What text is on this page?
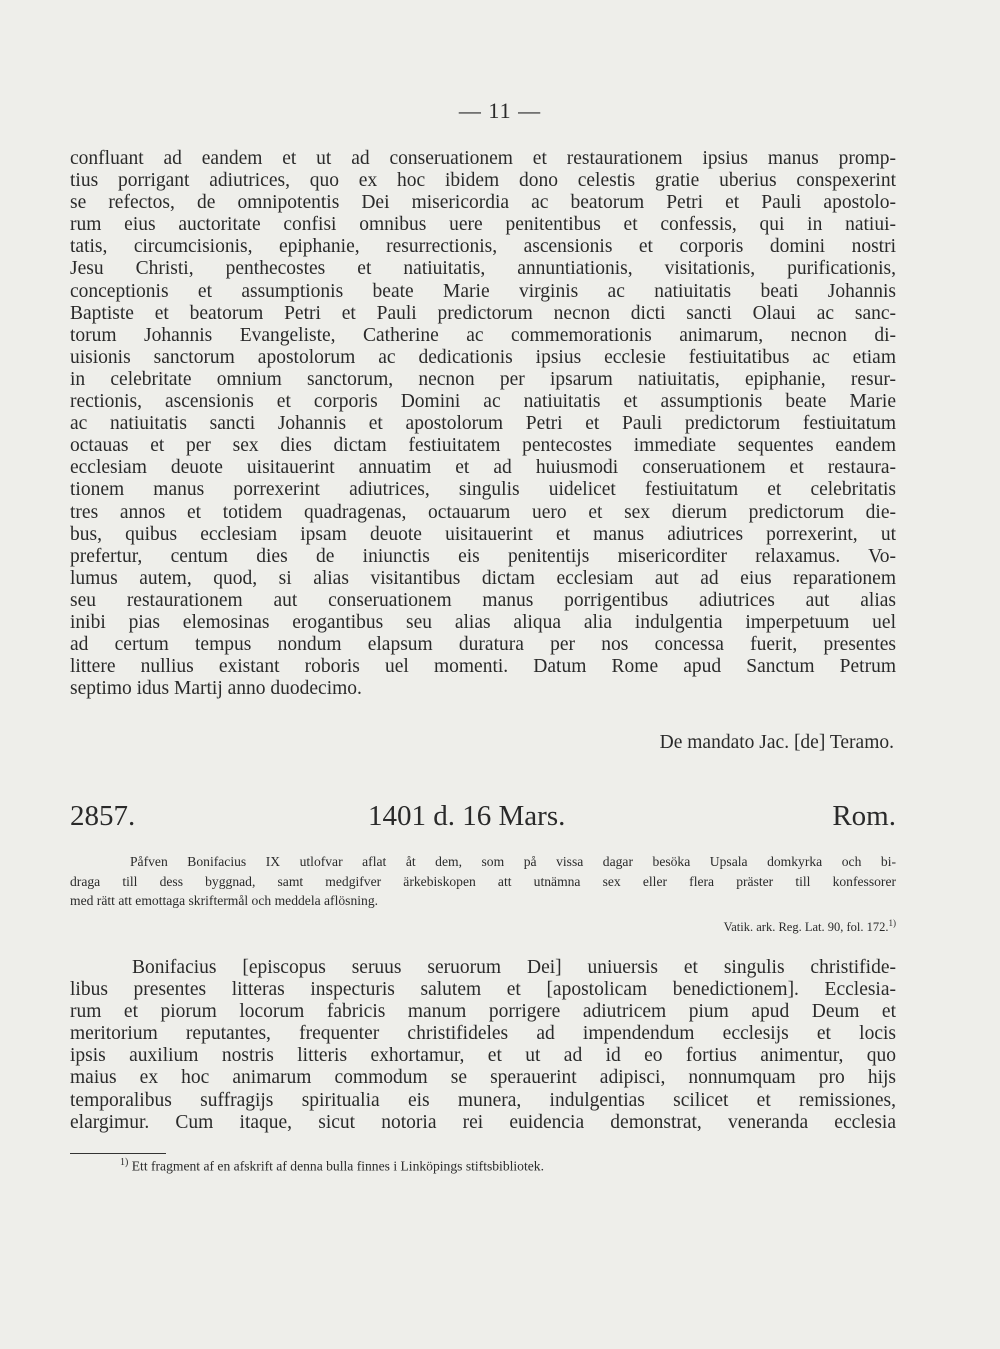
— 11 —
confluant ad eandem et ut ad conseruationem et restaurationem ipsius manus promp-
tius porrigant adiutrices, quo ex hoc ibidem dono celestis gratie uberius conspexerint
se refectos, de omnipotentis Dei misericordia ac beatorum Petri et Pauli apostolo-
rum eius auctoritate confisi omnibus uere penitentibus et confessis, qui in natiui-
tatis, circumcisionis, epiphanie, resurrectionis, ascensionis et corporis domini nostri
Jesu Christi, penthecostes et natiuitatis, annuntiationis, visitationis, purificationis,
conceptionis et assumptionis beate Marie virginis ac natiuitatis beati Johannis
Baptiste et beatorum Petri et Pauli predictorum necnon dicti sancti Olaui ac sanc-
torum Johannis Evangeliste, Catherine ac commemorationis animarum, necnon di-
uisionis sanctorum apostolorum ac dedicationis ipsius ecclesie festiuitatibus ac etiam
in celebritate omnium sanctorum, necnon per ipsarum natiuitatis, epiphanie, resur-
rectionis, ascensionis et corporis Domini ac natiuitatis et assumptionis beate Marie
ac natiuitatis sancti Johannis et apostolorum Petri et Pauli predictorum festiuitatum
octauas et per sex dies dictam festiuitatem pentecostes immediate sequentes eandem
ecclesiam deuote uisitauerint annuatim et ad huiusmodi conseruationem et restaura-
tionem manus porrexerint adiutrices, singulis uidelicet festiuitatum et celebritatis
tres annos et totidem quadragenas, octauarum uero et sex dierum predictorum die-
bus, quibus ecclesiam ipsam deuote uisitauerint et manus adiutrices porrexerint, ut
prefertur, centum dies de iniunctis eis penitentijs misericorditer relaxamus. Vo-
lumus autem, quod, si alias visitantibus dictam ecclesiam aut ad eius reparationem
seu restaurationem aut conseruationem manus porrigentibus adiutrices aut alias
inibi pias elemosinas erogantibus seu alias aliqua alia indulgentia imperpetuum uel
ad certum tempus nondum elapsum duratura per nos concessa fuerit, presentes
littere nullius existant roboris uel momenti. Datum Rome apud Sanctum Petrum
septimo idus Martij anno duodecimo.
De mandato Jac. [de] Teramo.
2857.	1401 d. 16 Mars.	Rom.
Påfven Bonifacius IX utlofvar aflat åt dem, som på vissa dagar besöka Upsala domkyrka och bi-
draga till dess byggnad, samt medgifver ärkebiskopen att utnämna sex eller flera präster till konfessorer
med rätt att emottaga skriftermål och meddela aflösning.
Vatik. ark. Reg. Lat. 90, fol. 172.$^{1)}$
Bonifacius [episcopus seruus seruorum Dei] uniuersis et singulis christifide-
libus presentes litteras inspecturis salutem et [apostolicam benedictionem]. Ecclesia-
rum et piorum locorum fabricis manum porrigere adiutricem pium apud Deum et
meritorium reputantes, frequenter christifideles ad impendendum ecclesijs et locis
ipsis auxilium nostris litteris exhortamur, et ut ad id eo fortius animentur, quo
maius ex hoc animarum commodum se sperauerint adipisci, nonnumquam pro hijs
temporalibus suffragijs spiritualia eis munera, indulgentias scilicet et remissiones,
elargimur. Cum itaque, sicut notoria rei euidencia demonstrat, veneranda ecclesia
$^{1)}$ Ett fragment af en afskrift af denna bulla finnes i Linköpings stiftsbibliotek.
